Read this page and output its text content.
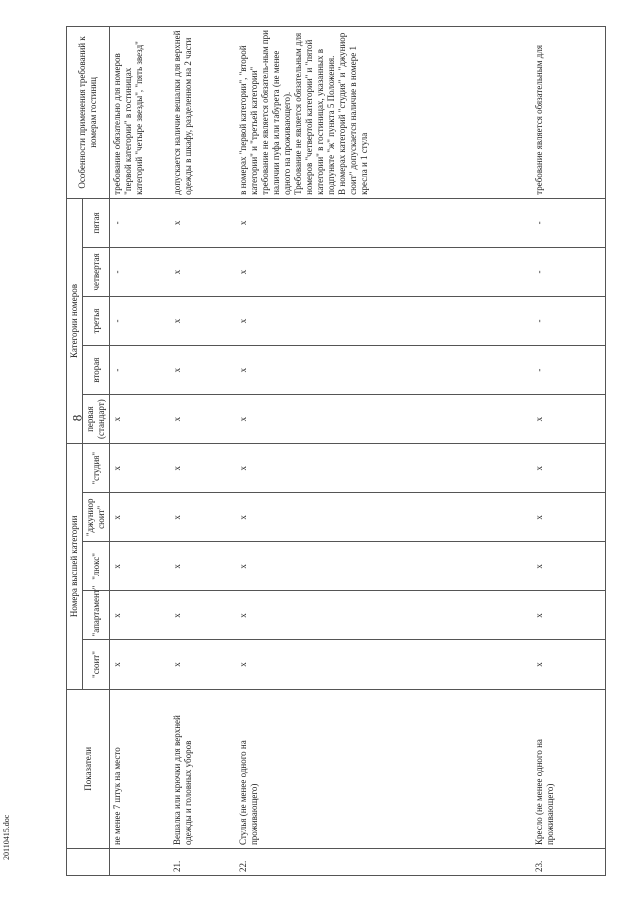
8
20110415.doc
	Показатели	Номера высшей категории					Категории номеров					Особенности применения требований к номерам гостиниц
		"сюит"	"апартамент"	"люкс"	"джуниор сюит"	"студия"	первая (стандарт)	вторая	третья	четвертая	пятая	
	не менее 7 штук на место	х	х	х	х	х	х	-	-	-	-	требование обязательно для номеров "первой категории" в гостиницах категорий "четыре звезды", "пять звезд"
21.	Вешалка или крючки для верхней одежды и головных уборов	х	х	х	х	х	х	х	х	х	х	допускается наличие вешалки для верхней одежды в шкафу, разделенном на 2 части
22.	Стулья (не менее одного на проживающего)	х	х	х	х	х	х	х	х	х	х	в номерах "первой категории", "второй категории" и "третьей категории" требование не является обязатель-ным при наличии пуфа или табурета (не менее одного на проживающего).
Требование не является обязательным для номеров "четвертой категории" и "пятой категории" в гостиницах, указанных в подпункте "ж" пункта 5 Положения.
В номерах категорий "студия" и "джуниор сюит" допускается наличие в номере 1 кресла и 1 стула
23.	Кресло (не менее одного на проживающего)	х	х	х	х	х	х	-	-	-	-	требование является обязательным для
